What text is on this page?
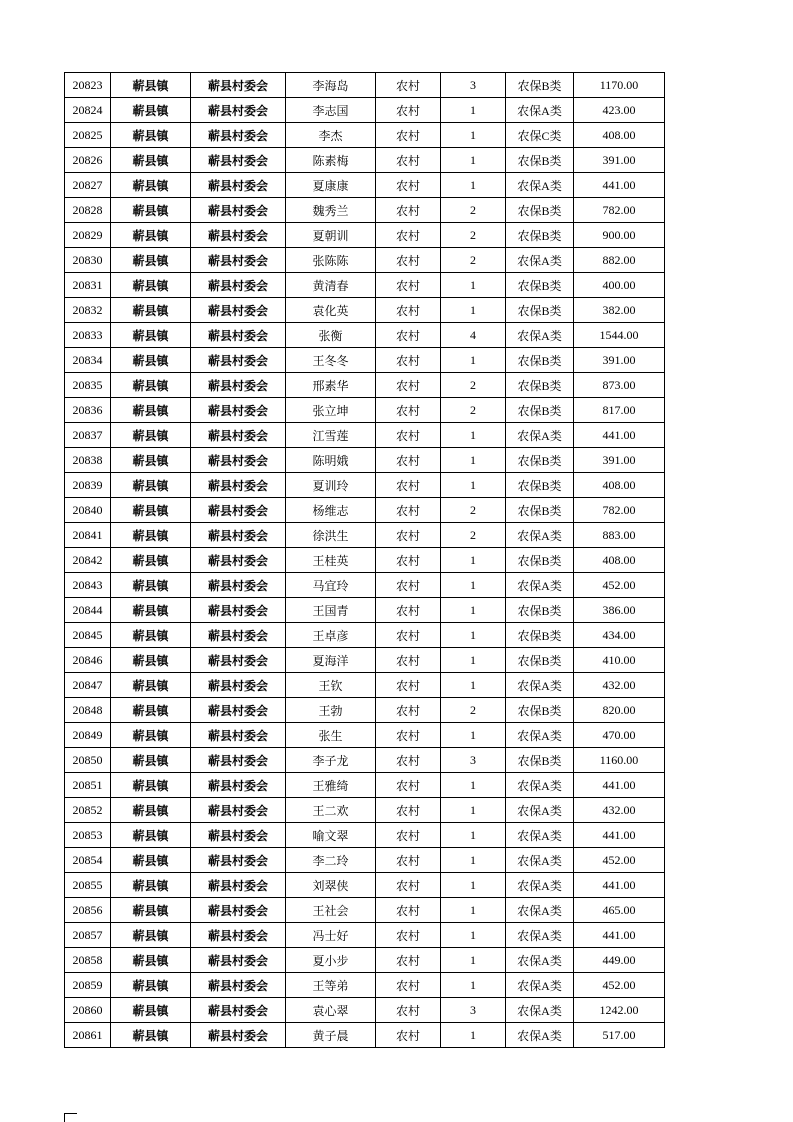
20823	蕲县镇	蕲县村委会	李海岛	农村	3	农保B类	1170.00
20824	蕲县镇	蕲县村委会	李志国	农村	1	农保A类	423.00
20825	蕲县镇	蕲县村委会	李杰	农村	1	农保C类	408.00
20826	蕲县镇	蕲县村委会	陈素梅	农村	1	农保B类	391.00
20827	蕲县镇	蕲县村委会	夏康康	农村	1	农保A类	441.00
20828	蕲县镇	蕲县村委会	魏秀兰	农村	2	农保B类	782.00
20829	蕲县镇	蕲县村委会	夏朝训	农村	2	农保B类	900.00
20830	蕲县镇	蕲县村委会	张陈陈	农村	2	农保A类	882.00
20831	蕲县镇	蕲县村委会	黄清春	农村	1	农保B类	400.00
20832	蕲县镇	蕲县村委会	袁化英	农村	1	农保B类	382.00
20833	蕲县镇	蕲县村委会	张衡	农村	4	农保A类	1544.00
20834	蕲县镇	蕲县村委会	王冬冬	农村	1	农保B类	391.00
20835	蕲县镇	蕲县村委会	邢素华	农村	2	农保B类	873.00
20836	蕲县镇	蕲县村委会	张立坤	农村	2	农保B类	817.00
20837	蕲县镇	蕲县村委会	江雪莲	农村	1	农保A类	441.00
20838	蕲县镇	蕲县村委会	陈明娥	农村	1	农保B类	391.00
20839	蕲县镇	蕲县村委会	夏训玲	农村	1	农保B类	408.00
20840	蕲县镇	蕲县村委会	杨维志	农村	2	农保B类	782.00
20841	蕲县镇	蕲县村委会	徐洪生	农村	2	农保A类	883.00
20842	蕲县镇	蕲县村委会	王桂英	农村	1	农保B类	408.00
20843	蕲县镇	蕲县村委会	马宜玲	农村	1	农保A类	452.00
20844	蕲县镇	蕲县村委会	王国青	农村	1	农保B类	386.00
20845	蕲县镇	蕲县村委会	王卓彦	农村	1	农保B类	434.00
20846	蕲县镇	蕲县村委会	夏海洋	农村	1	农保B类	410.00
20847	蕲县镇	蕲县村委会	王钦	农村	1	农保A类	432.00
20848	蕲县镇	蕲县村委会	王勃	农村	2	农保B类	820.00
20849	蕲县镇	蕲县村委会	张生	农村	1	农保A类	470.00
20850	蕲县镇	蕲县村委会	李子龙	农村	3	农保B类	1160.00
20851	蕲县镇	蕲县村委会	王雅绮	农村	1	农保A类	441.00
20852	蕲县镇	蕲县村委会	王二欢	农村	1	农保A类	432.00
20853	蕲县镇	蕲县村委会	喻文翠	农村	1	农保A类	441.00
20854	蕲县镇	蕲县村委会	李二玲	农村	1	农保A类	452.00
20855	蕲县镇	蕲县村委会	刘翠侠	农村	1	农保A类	441.00
20856	蕲县镇	蕲县村委会	王社会	农村	1	农保A类	465.00
20857	蕲县镇	蕲县村委会	冯士好	农村	1	农保A类	441.00
20858	蕲县镇	蕲县村委会	夏小步	农村	1	农保A类	449.00
20859	蕲县镇	蕲县村委会	王等弟	农村	1	农保A类	452.00
20860	蕲县镇	蕲县村委会	袁心翠	农村	3	农保A类	1242.00
20861	蕲县镇	蕲县村委会	黄子晨	农村	1	农保A类	517.00
